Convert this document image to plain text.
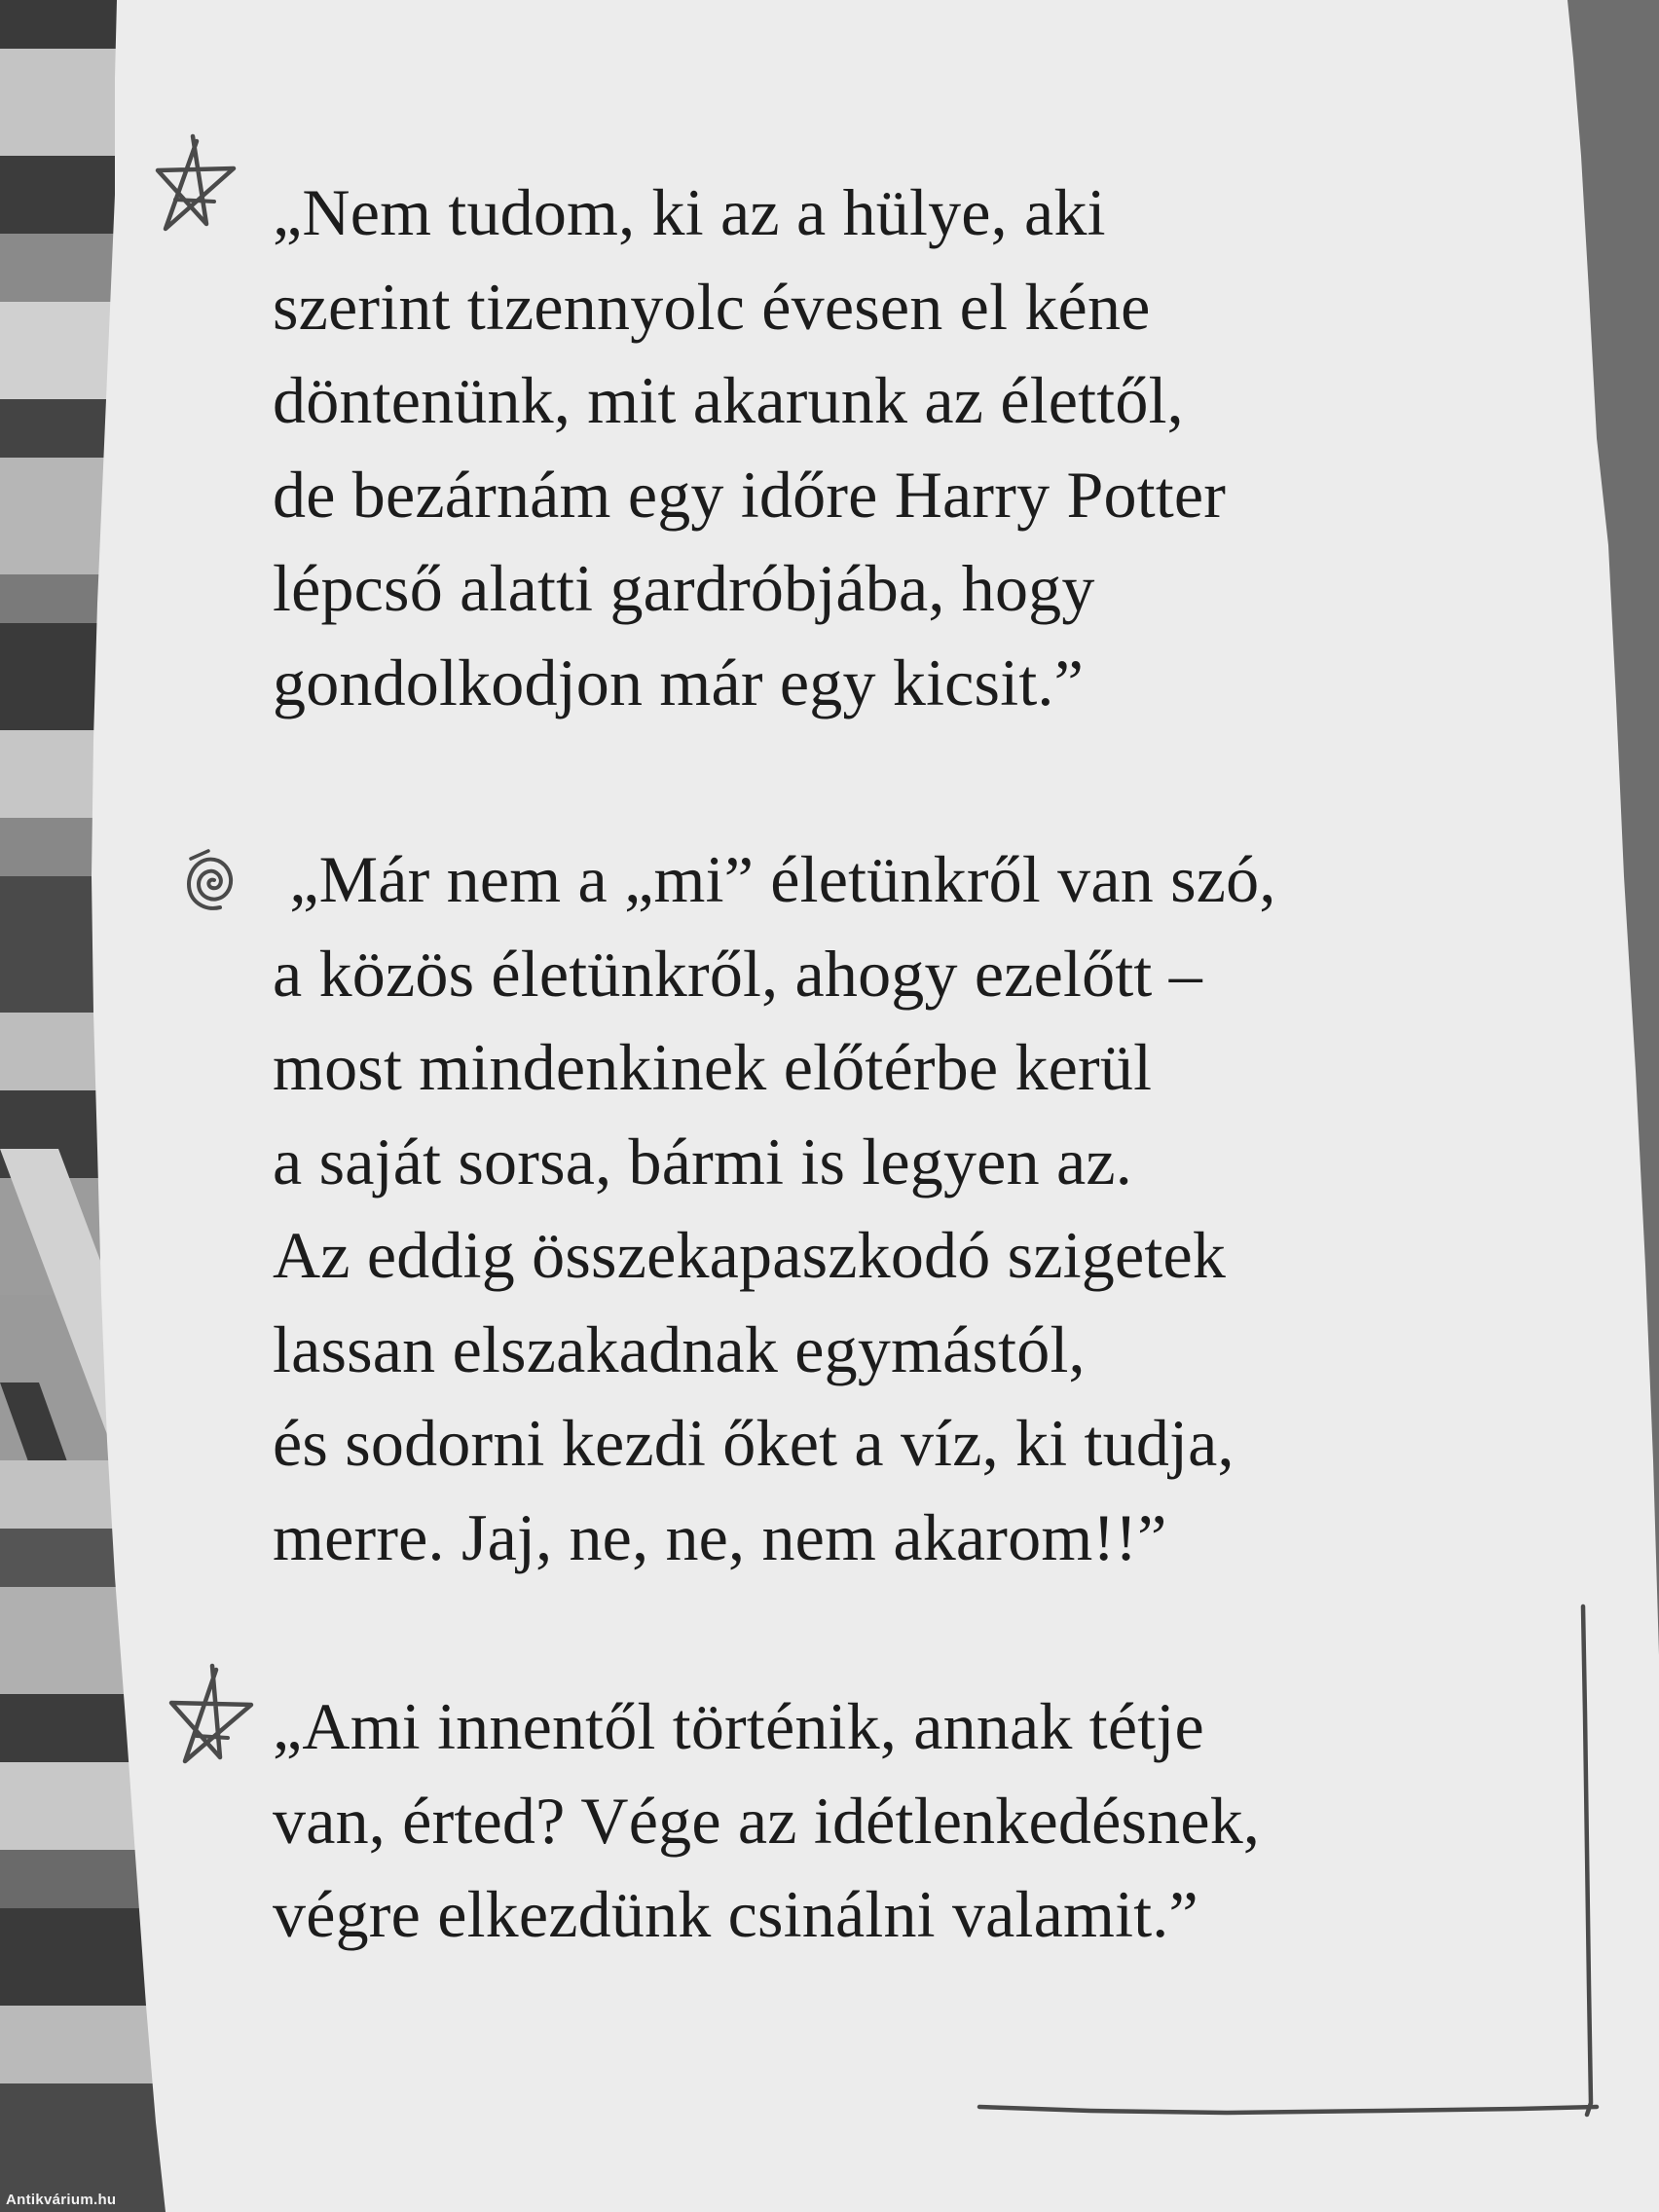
„Nem tudom, ki az a hülye, aki
szerint tizennyolc évesen el kéne
döntenünk, mit akarunk az élettől,
de bezárnám egy időre Harry Potter
lépcső alatti gardróbjába, hogy
gondolkodjon már egy kicsit.”

„Már nem a „mi” életünkről van szó,
a közös életünkről, ahogy ezelőtt –
most mindenkinek előtérbe kerül
a saját sorsa, bármi is legyen az.
Az eddig összekapaszkodó szigetek
lassan elszakadnak egymástól,
és sodorni kezdi őket a víz, ki tudja,
merre. Jaj, ne, ne, nem akarom!!”

„Ami innentől történik, annak tétje
van, érted? Vége az idétlenkedésnek,
végre elkezdünk csinálni valamit.”

Antikvárium.hu
